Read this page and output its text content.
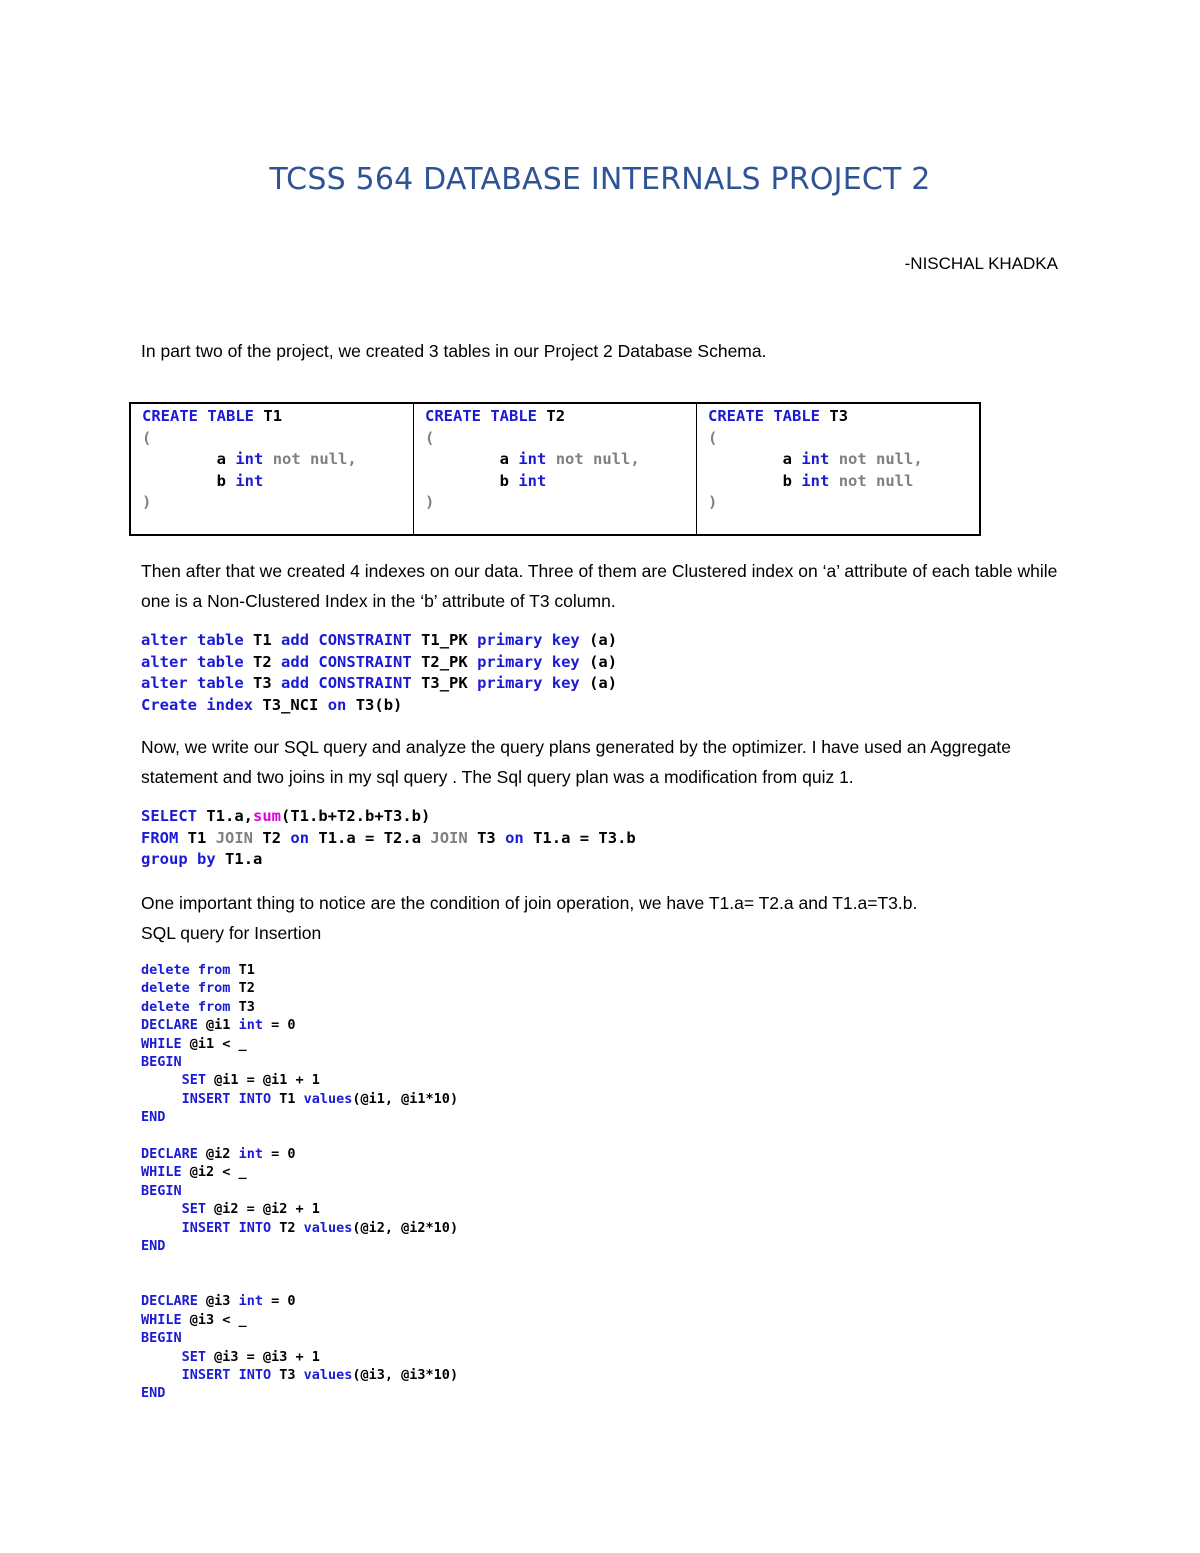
TCSS 564 DATABASE INTERNALS PROJECT 2
-NISCHAL KHADKA

In part two of the project, we created 3 tables in our Project 2 Database Schema.

CREATE TABLE T1
(
a int not null,
b int
)

CREATE TABLE T2
(
a int not null,
b int
)

CREATE TABLE T3
(
a int not null,
b int not null
)

Then after that we created 4 indexes on our data. Three of them are Clustered index on ‘a’ attribute of each table while one is a Non-Clustered Index in the ‘b’ attribute of T3 column.

alter table T1 add CONSTRAINT T1_PK primary key (a)
alter table T2 add CONSTRAINT T2_PK primary key (a)
alter table T3 add CONSTRAINT T3_PK primary key (a)
Create index T3_NCI on T3(b)

Now, we write our SQL query and analyze the query plans generated by the optimizer. I have used an Aggregate statement and two joins in my sql query . The Sql query plan was a modification from quiz 1.

SELECT T1.a,sum(T1.b+T2.b+T3.b)
FROM T1 JOIN T2 on T1.a = T2.a JOIN T3 on T1.a = T3.b
group by T1.a

One important thing to notice are the condition of join operation, we have T1.a= T2.a and T1.a=T3.b.

SQL query for Insertion

delete from T1
delete from T2
delete from T3
DECLARE @i1 int = 0
WHILE @i1 < _
BEGIN
SET @i1 = @i1 + 1
INSERT INTO T1 values(@i1, @i1*10)
END

DECLARE @i2 int = 0
WHILE @i2 < _
BEGIN
SET @i2 = @i2 + 1
INSERT INTO T2 values(@i2, @i2*10)
END

DECLARE @i3 int = 0
WHILE @i3 < _
BEGIN
SET @i3 = @i3 + 1
INSERT INTO T3 values(@i3, @i3*10)
END
